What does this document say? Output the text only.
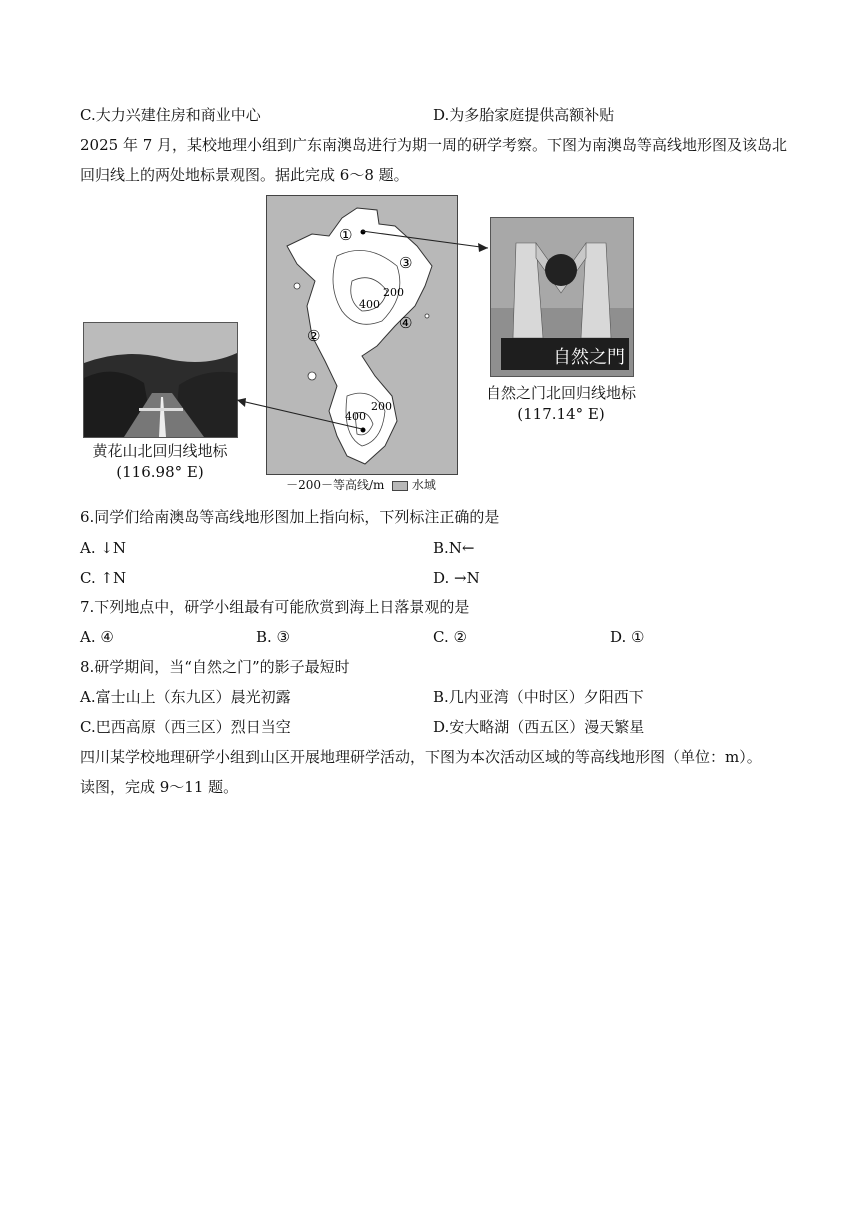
C.大力兴建住房和商业中心	D.为多胎家庭提供高额补贴
2025 年 7 月，某校地理小组到广东南澳岛进行为期一周的研学考察。下图为南澳岛等高线地形图及该岛北
回归线上的两处地标景观图。据此完成 6～8 题。
黄花山北回归线地标
(116.98° E)
①
②
③
④
200
400
200
400
自然之門
自然之门北回归线地标
(117.14° E)
－200－等高线/m 水域
6.同学们给南澳岛等高线地形图加上指向标，下列标注正确的是
A. ↓N	B.N←
C. ↑N	D. →N
7.下列地点中，研学小组最有可能欣赏到海上日落景观的是
A. ④	B. ③	C. ②	D. ①
8.研学期间，当“自然之门”的影子最短时
A.富士山上（东九区）晨光初露	B.几内亚湾（中时区）夕阳西下
C.巴西高原（西三区）烈日当空	D.安大略湖（西五区）漫天繁星
四川某学校地理研学小组到山区开展地理研学活动，下图为本次活动区域的等高线地形图（单位：m）。
读图，完成 9～11 题。
